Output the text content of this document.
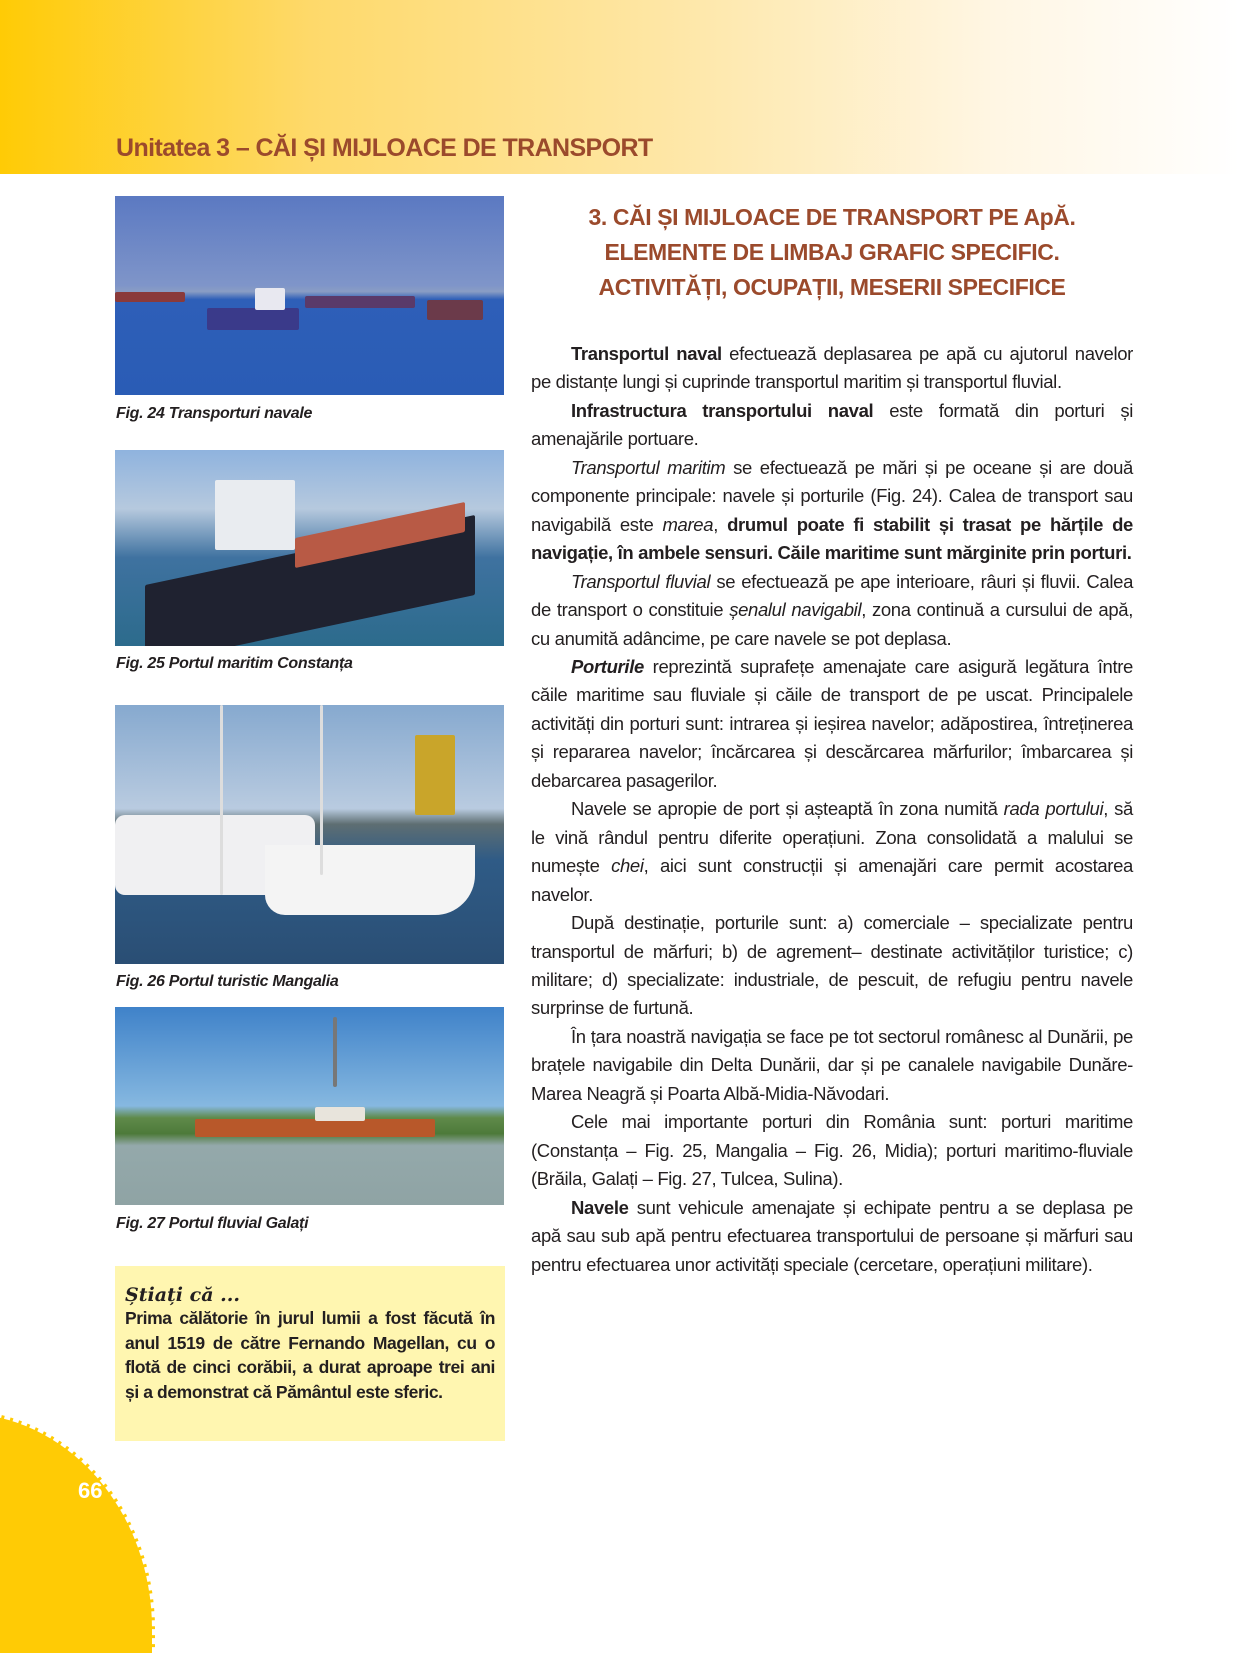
Unitatea 3 – CĂI ȘI MIJLOACE DE TRANSPORT
Fig. 24 Transporturi navale
Fig. 25 Portul maritim Constanța
Fig. 26 Portul turistic Mangalia
Fig. 27 Portul fluvial Galați
3. CĂI ȘI MIJLOACE DE TRANSPORT PE ApĂ.
ELEMENTE DE LIMBAJ GRAFIC SPECIFIC.
ACTIVITĂȚI, OCUPAȚII, MESERII SPECIFICE

Transportul naval efectuează deplasarea pe apă cu ajutorul navelor pe distanțe lungi și cuprinde transportul maritim și transportul fluvial.

Infrastructura transportului naval este formată din porturi și amenajările portuare.

Transportul maritim se efectuează pe mări și pe oceane și are două componente principale: navele și porturile (Fig. 24). Calea de transport sau navigabilă este marea, drumul poate fi stabilit și trasat pe hărțile de navigație, în ambele sensuri. Căile maritime sunt mărginite prin porturi.

Transportul fluvial se efectuează pe ape interioare, râuri și fluvii. Calea de transport o constituie șenalul navigabil, zona continuă a cursului de apă, cu anumită adâncime, pe care navele se pot deplasa.

Porturile reprezintă suprafețe amenajate care asigură legătura între căile maritime sau fluviale și căile de transport de pe uscat. Principalele activități din porturi sunt: intrarea și ieșirea navelor; adăpostirea, întreținerea și repararea navelor; încărcarea și descărcarea mărfurilor; îmbarcarea și debarcarea pasagerilor.

Navele se apropie de port și așteaptă în zona numită rada portului, să le vină rândul pentru diferite operațiuni. Zona consolidată a malului se numește chei, aici sunt construcții și amenajări care permit acostarea navelor.

După destinație, porturile sunt: a) comerciale – specializate pentru transportul de mărfuri; b) de agrement– destinate activităților turistice; c) militare; d) specializate: industriale, de pescuit, de refugiu pentru navele surprinse de furtună.

În țara noastră navigația se face pe tot sectorul românesc al Dunării, pe brațele navigabile din Delta Dunării, dar și pe canalele navigabile Dunăre-Marea Neagră și Poarta Albă-Midia-Năvodari.

Cele mai importante porturi din România sunt: porturi maritime (Constanța – Fig. 25, Mangalia – Fig. 26, Midia); porturi maritimo-fluviale (Brăila, Galați – Fig. 27, Tulcea, Sulina).

Navele sunt vehicule amenajate și echipate pentru a se deplasa pe apă sau sub apă pentru efectuarea transportului de persoane și mărfuri sau pentru efectuarea unor activități speciale (cercetare, operațiuni militare).

Știați că ...
Prima călătorie în jurul lumii a fost făcută în anul 1519 de către Fernando Magellan, cu o flotă de cinci corăbii, a durat aproape trei ani și a demonstrat că Pământul este sferic.
66
